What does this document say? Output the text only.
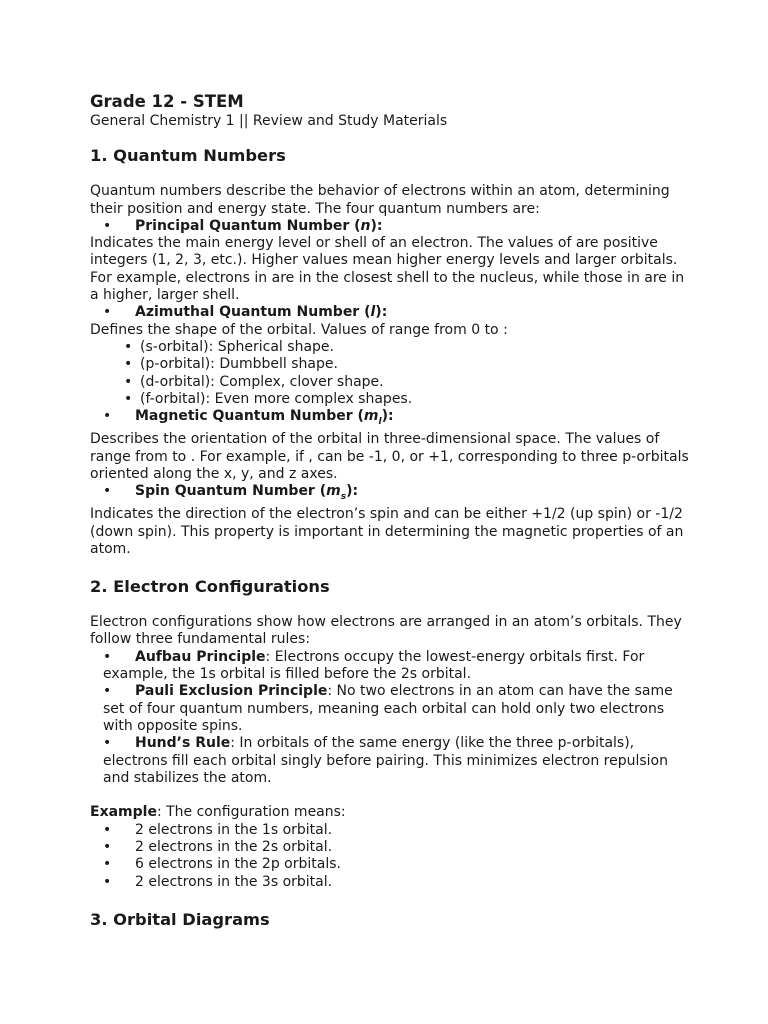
Grade 12 - STEM

General Chemistry 1 || Review and Study Materials

1. Quantum Numbers

Quantum numbers describe the behavior of electrons within an atom, determining their position and energy state. The four quantum numbers are:

•	Principal Quantum Number (n):

Indicates the main energy level or shell of an electron. The values of are positive integers (1, 2, 3, etc.). Higher values mean higher energy levels and larger orbitals. For example, electrons in are in the closest shell to the nucleus, while those in are in a higher, larger shell.

•	Azimuthal Quantum Number (l):

Defines the shape of the orbital. Values of range from 0 to :

• (s-orbital): Spherical shape.
• (p-orbital): Dumbbell shape.
• (d-orbital): Complex, clover shape.
• (f-orbital): Even more complex shapes.
•	Magnetic Quantum Number $(m_l)$:

Describes the orientation of the orbital in three-dimensional space. The values of range from to . For example, if , can be -1, 0, or +1, corresponding to three p-orbitals oriented along the x, y, and z axes.

•	Spin Quantum Number $(m_s)$:

Indicates the direction of the electron’s spin and can be either +1/2 (up spin) or -1/2 (down spin). This property is important in determining the magnetic properties of an atom.

2. Electron Configurations

Electron configurations show how electrons are arranged in an atom’s orbitals. They follow three fundamental rules:

• Aufbau Principle: Electrons occupy the lowest-energy orbitals first. For example, the 1s orbital is filled before the 2s orbital.
• Pauli Exclusion Principle: No two electrons in an atom can have the same set of four quantum numbers, meaning each orbital can hold only two electrons with opposite spins.
• Hund’s Rule: In orbitals of the same energy (like the three p-orbitals), electrons fill each orbital singly before pairing. This minimizes electron repulsion and stabilizes the atom.

Example: The configuration means:

•	2 electrons in the 1s orbital.
•	2 electrons in the 2s orbital.
•	6 electrons in the 2p orbitals.
•	2 electrons in the 3s orbital.
3. Orbital Diagrams
